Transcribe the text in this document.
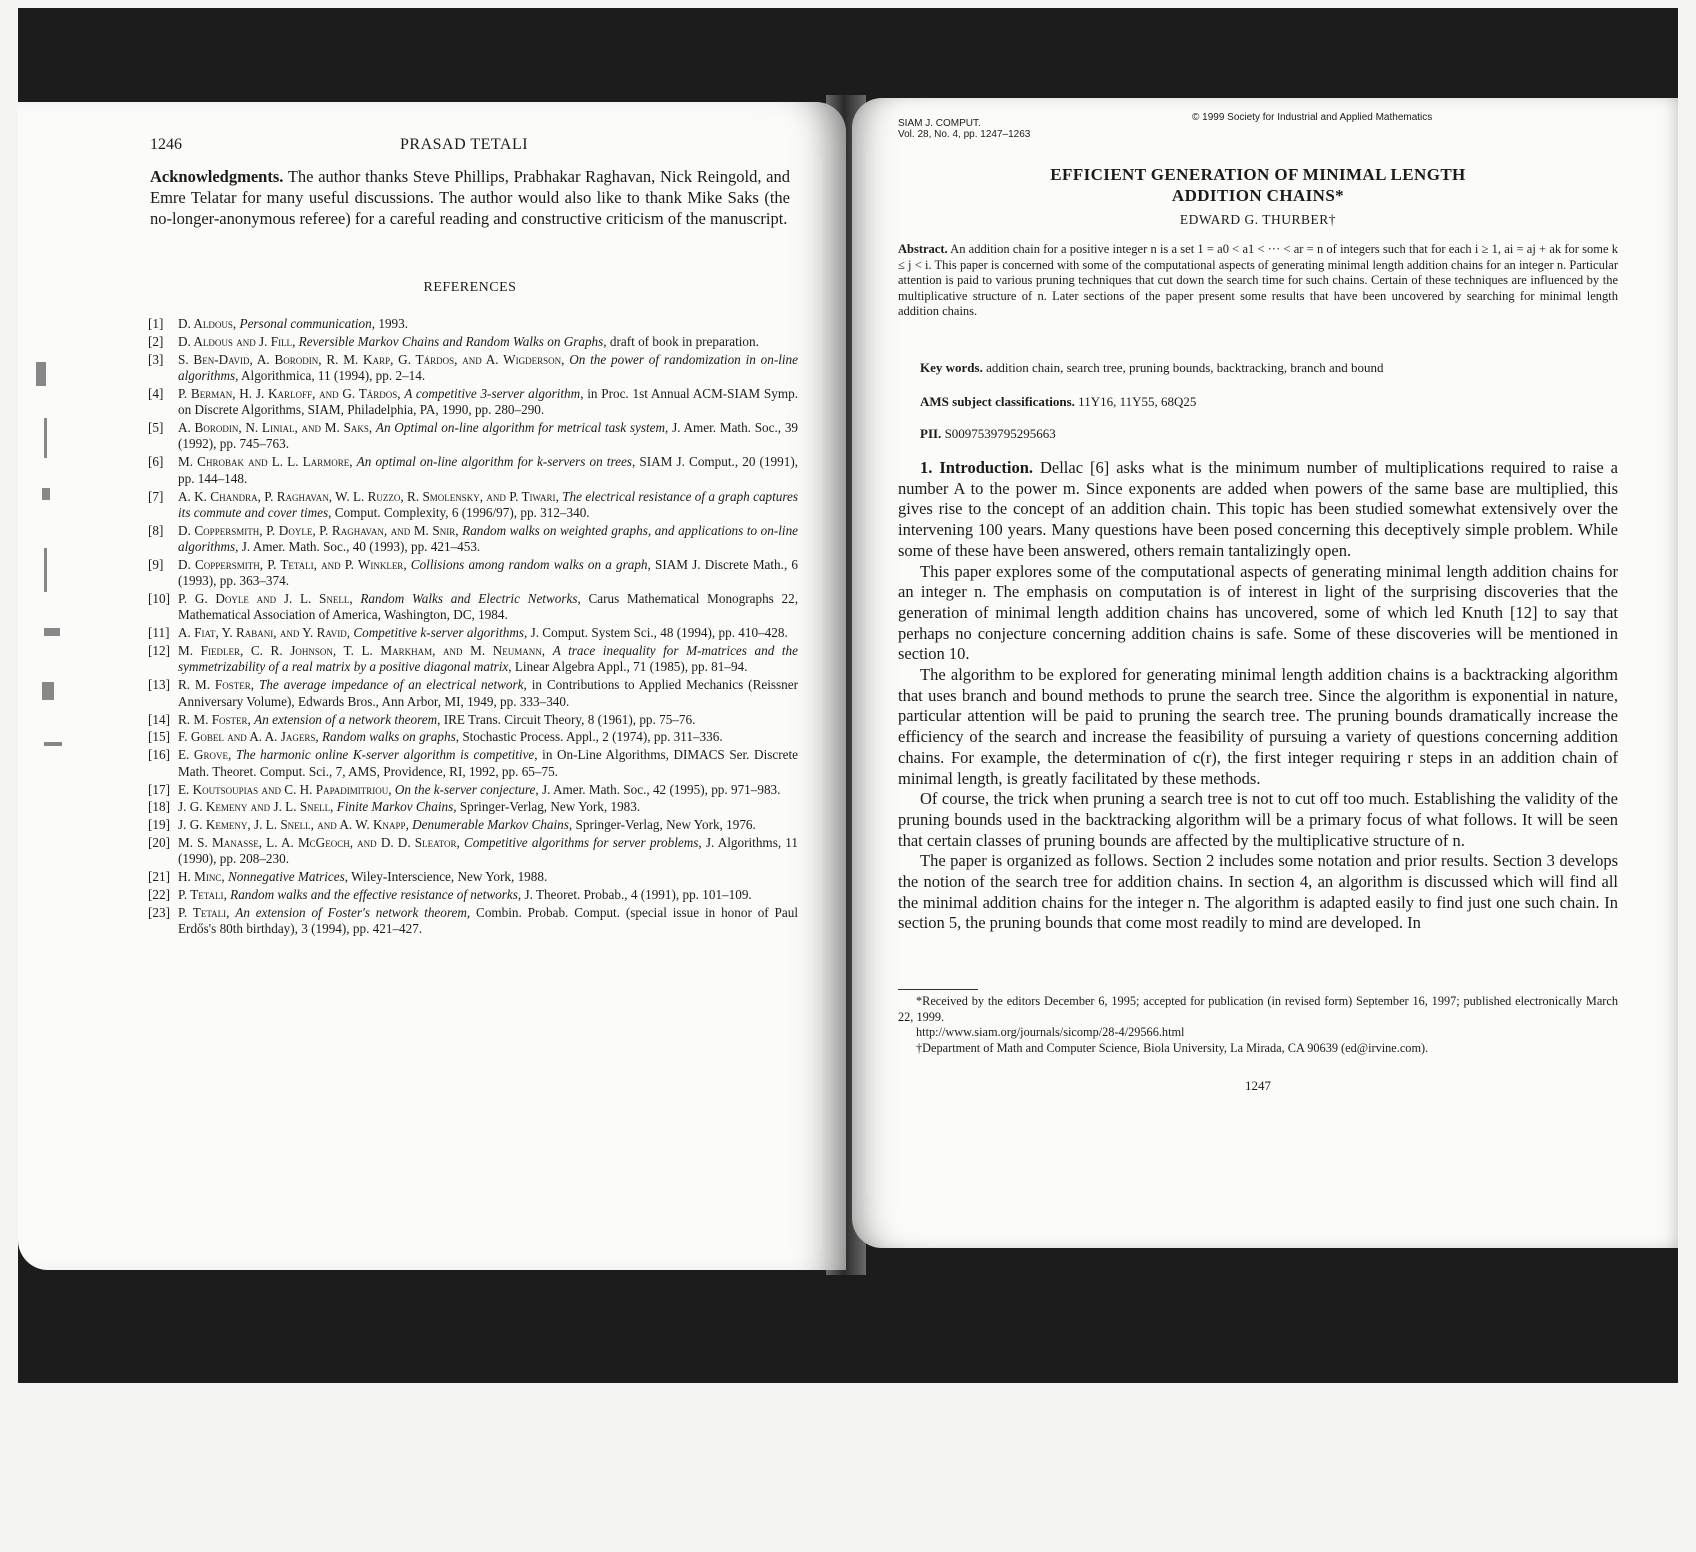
1246	PRASAD TETALI
Acknowledgments. The author thanks Steve Phillips, Prabhakar Raghavan, Nick Reingold, and Emre Telatar for many useful discussions. The author would also like to thank Mike Saks (the no-longer-anonymous referee) for a careful reading and constructive criticism of the manuscript.
REFERENCES
[1]	D. Aldous, Personal communication, 1993.
[2]	D. Aldous and J. Fill, Reversible Markov Chains and Random Walks on Graphs, draft of book in preparation.
[3]	S. Ben-David, A. Borodin, R. M. Karp, G. Tárdos, and A. Wigderson, On the power of randomization in on-line algorithms, Algorithmica, 11 (1994), pp. 2–14.
[4]	P. Berman, H. J. Karloff, and G. Tárdos, A competitive 3-server algorithm, in Proc. 1st Annual ACM-SIAM Symp. on Discrete Algorithms, SIAM, Philadelphia, PA, 1990, pp. 280–290.
[5]	A. Borodin, N. Linial, and M. Saks, An Optimal on-line algorithm for metrical task system, J. Amer. Math. Soc., 39 (1992), pp. 745–763.
[6]	M. Chrobak and L. L. Larmore, An optimal on-line algorithm for k-servers on trees, SIAM J. Comput., 20 (1991), pp. 144–148.
[7]	A. K. Chandra, P. Raghavan, W. L. Ruzzo, R. Smolensky, and P. Tiwari, The electrical resistance of a graph captures its commute and cover times, Comput. Complexity, 6 (1996/97), pp. 312–340.
[8]	D. Coppersmith, P. Doyle, P. Raghavan, and M. Snir, Random walks on weighted graphs, and applications to on-line algorithms, J. Amer. Math. Soc., 40 (1993), pp. 421–453.
[9]	D. Coppersmith, P. Tetali, and P. Winkler, Collisions among random walks on a graph, SIAM J. Discrete Math., 6 (1993), pp. 363–374.
[10] P. G. Doyle and J. L. Snell, Random Walks and Electric Networks, Carus Mathematical Monographs 22, Mathematical Association of America, Washington, DC, 1984.
[11] A. Fiat, Y. Rabani, and Y. Ravid, Competitive k-server algorithms, J. Comput. System Sci., 48 (1994), pp. 410–428.
[12] M. Fiedler, C. R. Johnson, T. L. Markham, and M. Neumann, A trace inequality for M-matrices and the symmetrizability of a real matrix by a positive diagonal matrix, Linear Algebra Appl., 71 (1985), pp. 81–94.
[13] R. M. Foster, The average impedance of an electrical network, in Contributions to Applied Mechanics (Reissner Anniversary Volume), Edwards Bros., Ann Arbor, MI, 1949, pp. 333–340.
[14] R. M. Foster, An extension of a network theorem, IRE Trans. Circuit Theory, 8 (1961), pp. 75–76.
[15] F. Gobel and A. A. Jagers, Random walks on graphs, Stochastic Process. Appl., 2 (1974), pp. 311–336.
[16] E. Grove, The harmonic online K-server algorithm is competitive, in On-Line Algorithms, DIMACS Ser. Discrete Math. Theoret. Comput. Sci., 7, AMS, Providence, RI, 1992, pp. 65–75.
[17] E. Koutsoupias and C. H. Papadimitriou, On the k-server conjecture, J. Amer. Math. Soc., 42 (1995), pp. 971–983.
[18] J. G. Kemeny and J. L. Snell, Finite Markov Chains, Springer-Verlag, New York, 1983.
[19] J. G. Kemeny, J. L. Snell, and A. W. Knapp, Denumerable Markov Chains, Springer-Verlag, New York, 1976.
[20] M. S. Manasse, L. A. McGeoch, and D. D. Sleator, Competitive algorithms for server problems, J. Algorithms, 11 (1990), pp. 208–230.
[21] H. Minc, Nonnegative Matrices, Wiley-Interscience, New York, 1988.
[22] P. Tetali, Random walks and the effective resistance of networks, J. Theoret. Probab., 4 (1991), pp. 101–109.
[23] P. Tetali, An extension of Foster's network theorem, Combin. Probab. Comput. (special issue in honor of Paul Erdős's 80th birthday), 3 (1994), pp. 421–427.
SIAM J. COMPUT.
Vol. 28, No. 4, pp. 1247–1263
© 1999 Society for Industrial and Applied Mathematics
EFFICIENT GENERATION OF MINIMAL LENGTH
ADDITION CHAINS*
EDWARD G. THURBER†
Abstract. An addition chain for a positive integer n is a set 1 = a0 < a1 < ··· < ar = n of integers such that for each i ≥ 1, ai = aj + ak for some k ≤ j < i. This paper is concerned with some of the computational aspects of generating minimal length addition chains for an integer n. Particular attention is paid to various pruning techniques that cut down the search time for such chains. Certain of these techniques are influenced by the multiplicative structure of n. Later sections of the paper present some results that have been uncovered by searching for minimal length addition chains.
Key words. addition chain, search tree, pruning bounds, backtracking, branch and bound
AMS subject classifications. 11Y16, 11Y55, 68Q25
PII. S0097539795295663

1. Introduction. Dellac [6] asks what is the minimum number of multiplications required to raise a number A to the power m. Since exponents are added when powers of the same base are multiplied, this gives rise to the concept of an addition chain. This topic has been studied somewhat extensively over the intervening 100 years. Many questions have been posed concerning this deceptively simple problem. While some of these have been answered, others remain tantalizingly open.

This paper explores some of the computational aspects of generating minimal length addition chains for an integer n. The emphasis on computation is of interest in light of the surprising discoveries that the generation of minimal length addition chains has uncovered, some of which led Knuth [12] to say that perhaps no conjecture concerning addition chains is safe. Some of these discoveries will be mentioned in section 10.

The algorithm to be explored for generating minimal length addition chains is a backtracking algorithm that uses branch and bound methods to prune the search tree. Since the algorithm is exponential in nature, particular attention will be paid to pruning the search tree. The pruning bounds dramatically increase the efficiency of the search and increase the feasibility of pursuing a variety of questions concerning addition chains. For example, the determination of c(r), the first integer requiring r steps in an addition chain of minimal length, is greatly facilitated by these methods.

Of course, the trick when pruning a search tree is not to cut off too much. Establishing the validity of the pruning bounds used in the backtracking algorithm will be a primary focus of what follows. It will be seen that certain classes of pruning bounds are affected by the multiplicative structure of n.

The paper is organized as follows. Section 2 includes some notation and prior results. Section 3 develops the notion of the search tree for addition chains. In section 4, an algorithm is discussed which will find all the minimal addition chains for the integer n. The algorithm is adapted easily to find just one such chain. In section 5, the pruning bounds that come most readily to mind are developed. In

*Received by the editors December 6, 1995; accepted for publication (in revised form) September 16, 1997; published electronically March 22, 1999.

http://www.siam.org/journals/sicomp/28-4/29566.html

†Department of Math and Computer Science, Biola University, La Mirada, CA 90639 (ed@irvine.com).

1247
